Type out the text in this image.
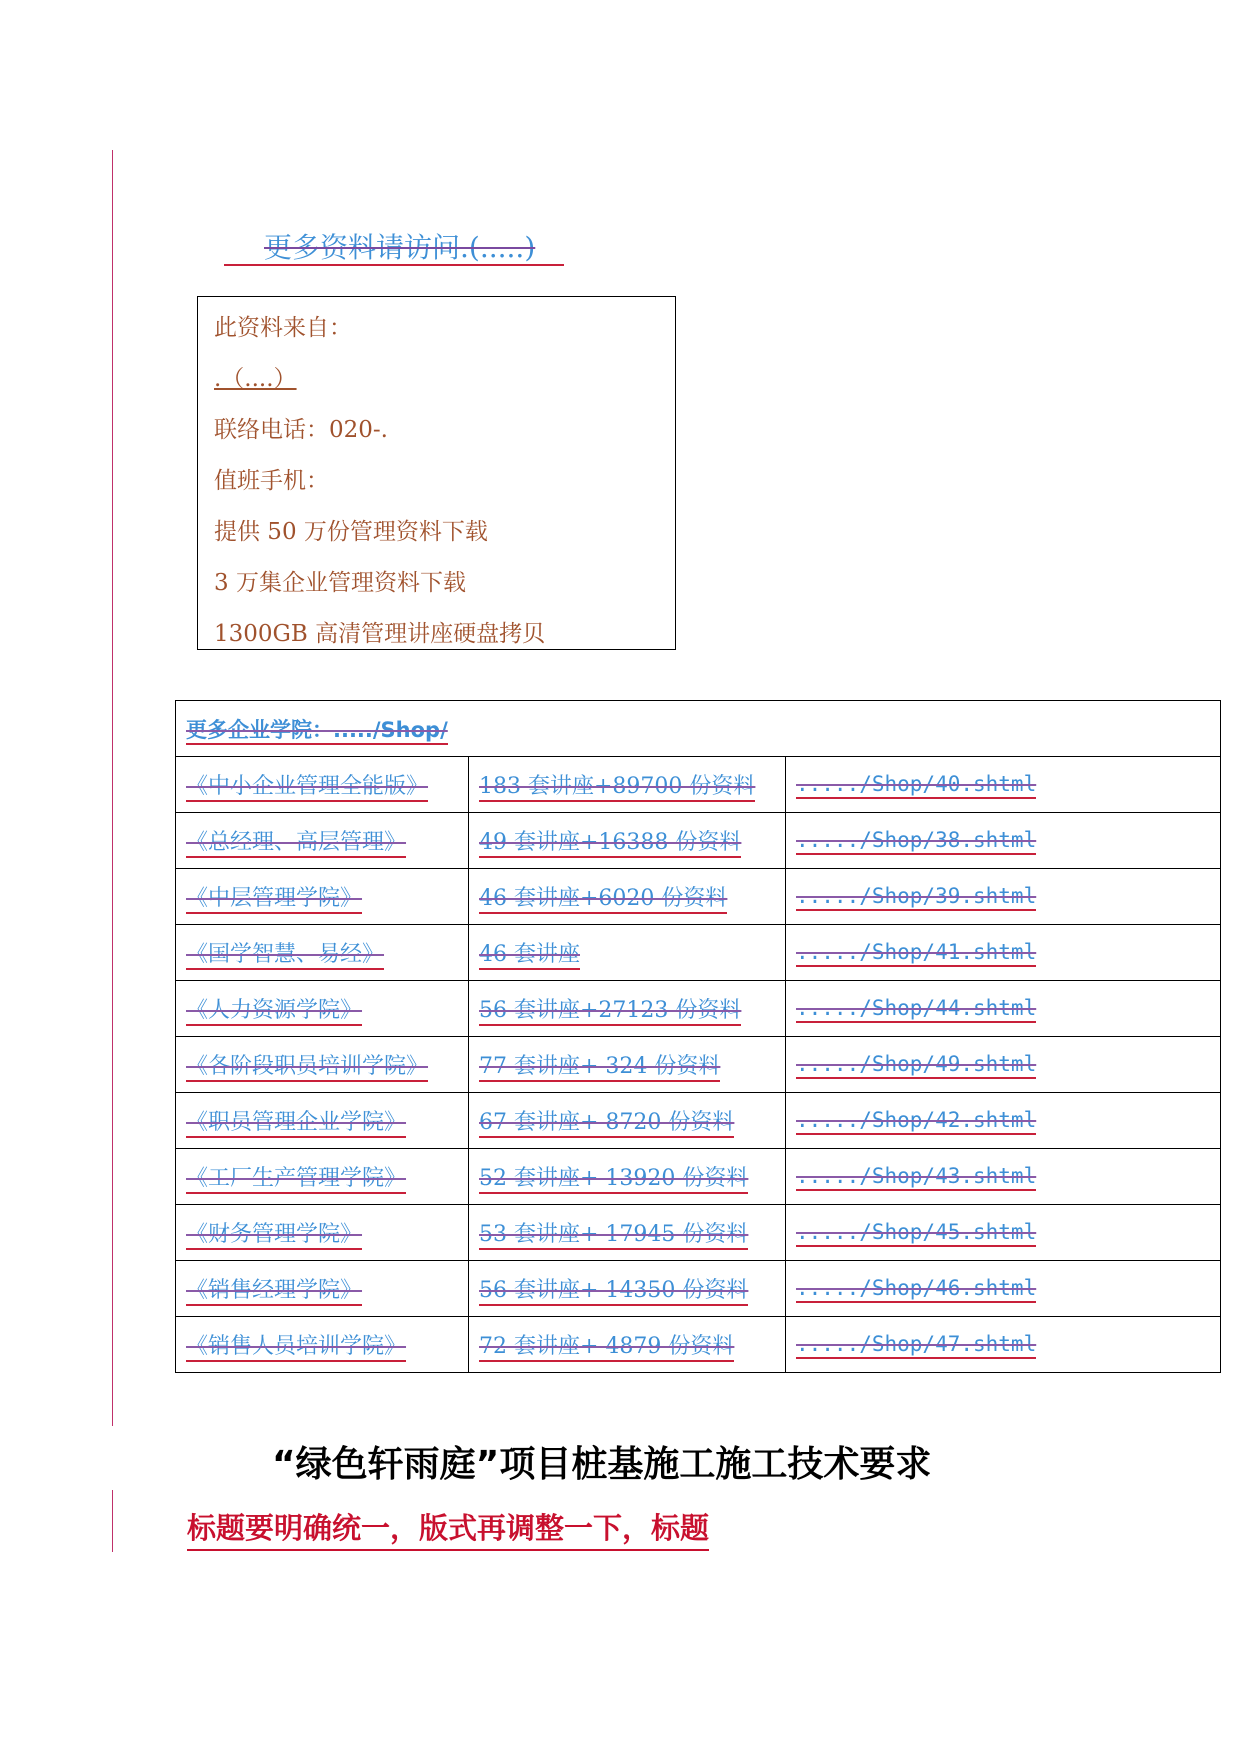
更多资料请访问.(.....)
此资料来自：
.（....）
联络电话：020-.
值班手机：
提供 50 万份管理资料下载
3 万集企业管理资料下载
1300GB 高清管理讲座硬盘拷贝
更多企业学院：...../Shop/		
《中小企业管理全能版》	183 套讲座+89700 份资料	...../Shop/40.shtml
《总经理、高层管理》	49 套讲座+16388 份资料	...../Shop/38.shtml
《中层管理学院》	46 套讲座+6020 份资料	...../Shop/39.shtml
《国学智慧、易经》	46 套讲座	...../Shop/41.shtml
《人力资源学院》	56 套讲座+27123 份资料	...../Shop/44.shtml
《各阶段职员培训学院》	77 套讲座+ 324 份资料	...../Shop/49.shtml
《职员管理企业学院》	67 套讲座+ 8720 份资料	...../Shop/42.shtml
《工厂生产管理学院》	52 套讲座+ 13920 份资料	...../Shop/43.shtml
《财务管理学院》	53 套讲座+ 17945 份资料	...../Shop/45.shtml
《销售经理学院》	56 套讲座+ 14350 份资料	...../Shop/46.shtml
《销售人员培训学院》	72 套讲座+ 4879 份资料	...../Shop/47.shtml
“绿色轩雨庭”项目桩基施工施工技术要求
标题要明确统一，版式再调整一下，标题
